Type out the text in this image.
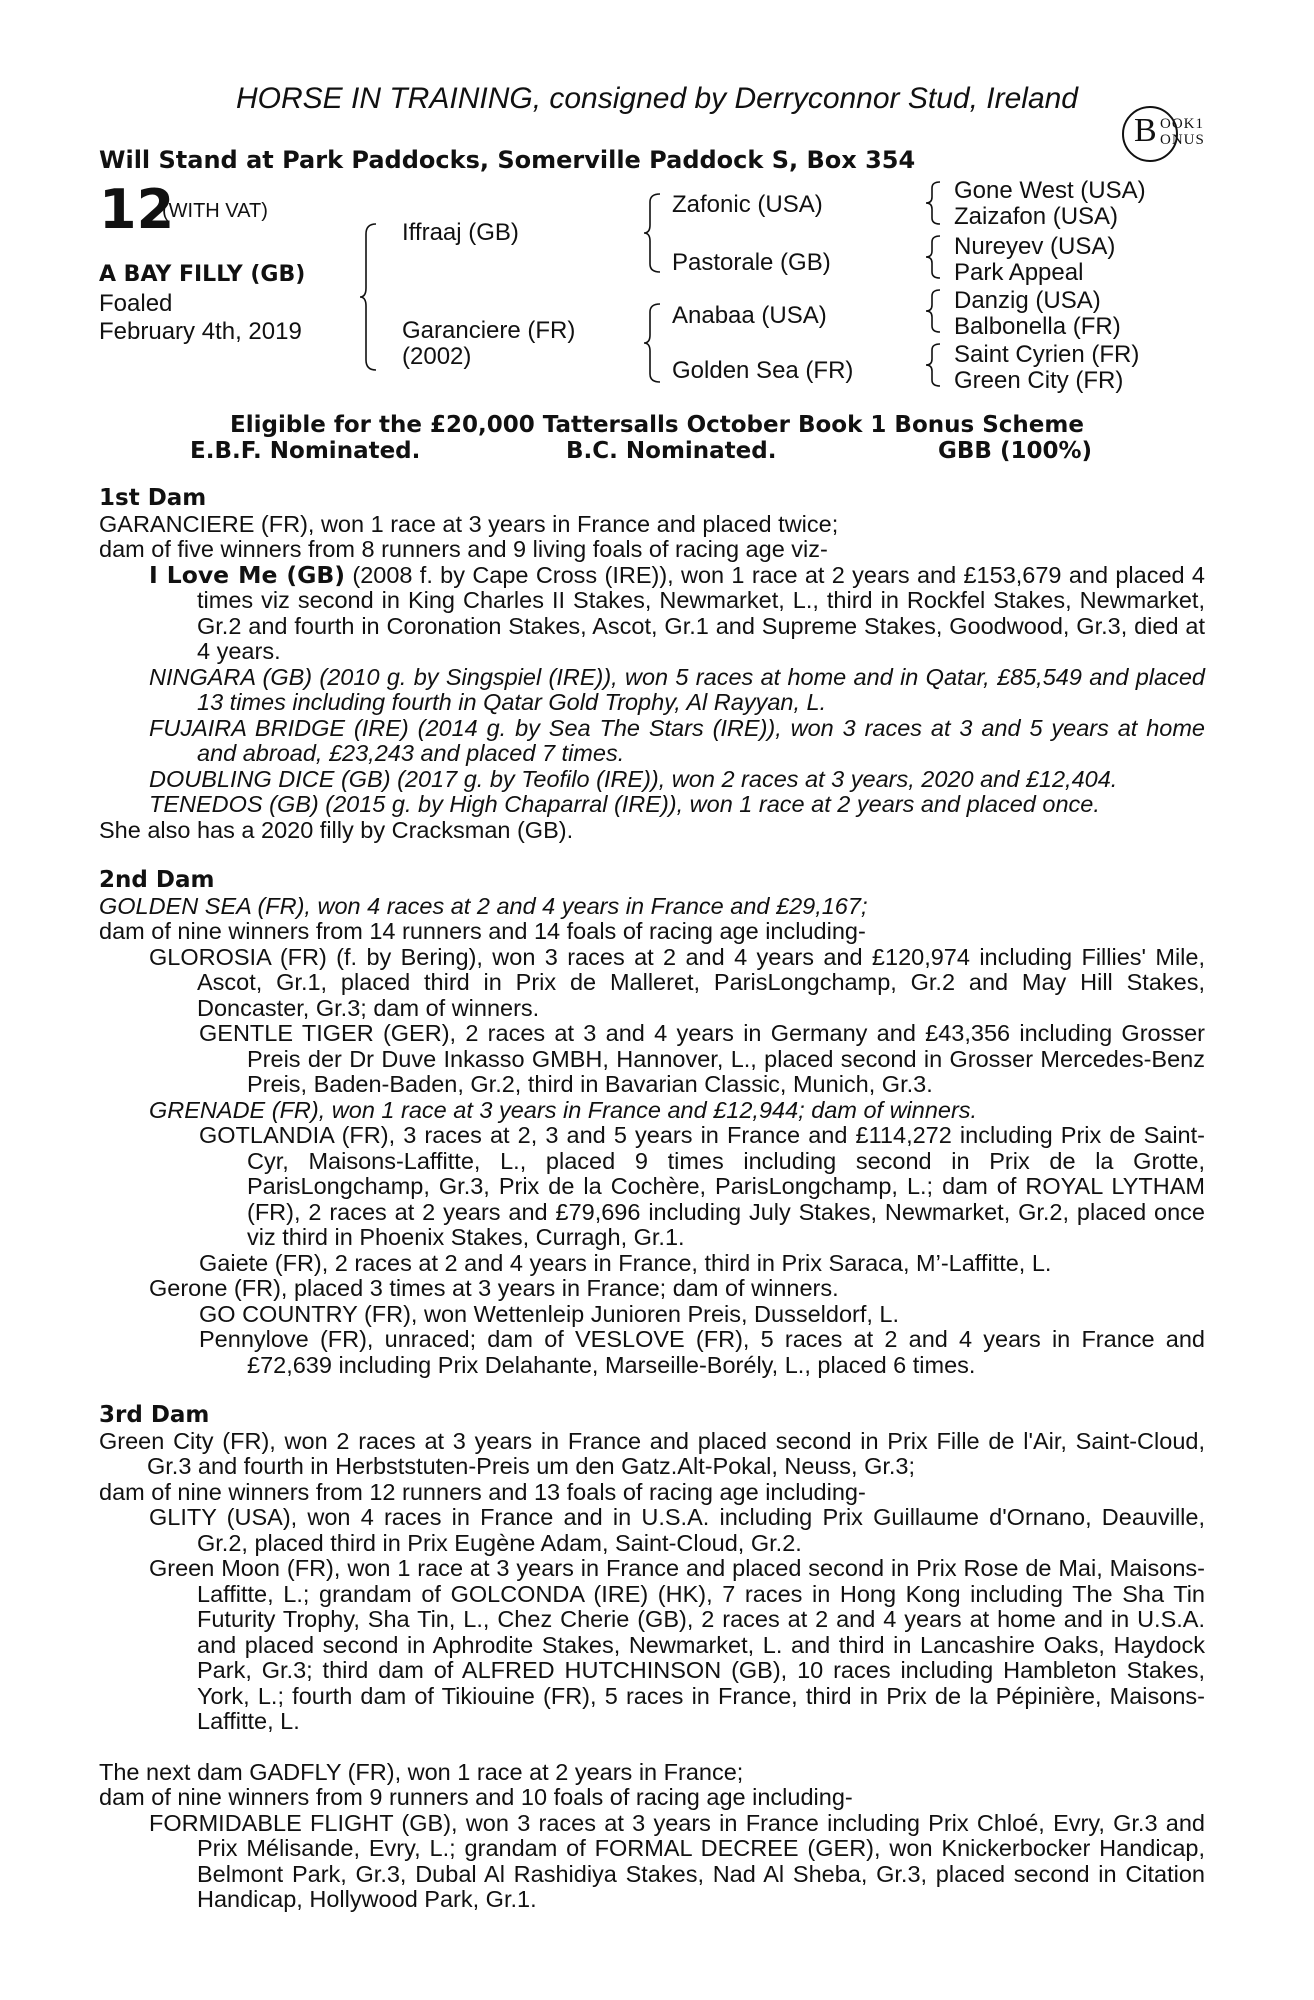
HORSE IN TRAINING, consigned by Derryconnor Stud, Ireland
B OOK1
ONUS
Will Stand at Park Paddocks, Somerville Paddock S, Box 354
12
(WITH VAT)
A BAY FILLY (GB)
Foaled
February 4th, 2019
Iffraaj (GB)
Garanciere (FR)
(2002)
Zafonic (USA)
Pastorale (GB)
Anabaa (USA)
Golden Sea (FR)
Gone West (USA)
Zaizafon (USA)
Nureyev (USA)
Park Appeal
Danzig (USA)
Balbonella (FR)
Saint Cyrien (FR)
Green City (FR)
Eligible for the £20,000 Tattersalls October Book 1 Bonus Scheme
E.B.F. Nominated.	B.C. Nominated.	GBB (100%)

1st Dam

GARANCIERE (FR), won 1 race at 3 years in France and placed twice;

dam of five winners from 8 runners and 9 living foals of racing age viz-

I Love Me (GB) (2008 f. by Cape Cross (IRE)), won 1 race at 2 years and £153,679 and placed 4 times viz second in King Charles II Stakes, Newmarket, L., third in Rockfel Stakes, Newmarket, Gr.2 and fourth in Coronation Stakes, Ascot, Gr.1 and Supreme Stakes, Goodwood, Gr.3, died at 4 years.

NINGARA (GB) (2010 g. by Singspiel (IRE)), won 5 races at home and in Qatar, £85,549 and placed 13 times including fourth in Qatar Gold Trophy, Al Rayyan, L.

FUJAIRA BRIDGE (IRE) (2014 g. by Sea The Stars (IRE)), won 3 races at 3 and 5 years at home and abroad, £23,243 and placed 7 times.

DOUBLING DICE (GB) (2017 g. by Teofilo (IRE)), won 2 races at 3 years, 2020 and £12,404.

TENEDOS (GB) (2015 g. by High Chaparral (IRE)), won 1 race at 2 years and placed once.

She also has a 2020 filly by Cracksman (GB).

2nd Dam

GOLDEN SEA (FR), won 4 races at 2 and 4 years in France and £29,167;

dam of nine winners from 14 runners and 14 foals of racing age including-

GLOROSIA (FR) (f. by Bering), won 3 races at 2 and 4 years and £120,974 including Fillies' Mile, Ascot, Gr.1, placed third in Prix de Malleret, ParisLongchamp, Gr.2 and May Hill Stakes, Doncaster, Gr.3; dam of winners.

GENTLE TIGER (GER), 2 races at 3 and 4 years in Germany and £43,356 including Grosser Preis der Dr Duve Inkasso GMBH, Hannover, L., placed second in Grosser Mercedes-Benz Preis, Baden-Baden, Gr.2, third in Bavarian Classic, Munich, Gr.3.

GRENADE (FR), won 1 race at 3 years in France and £12,944; dam of winners.

GOTLANDIA (FR), 3 races at 2, 3 and 5 years in France and £114,272 including Prix de Saint-Cyr, Maisons-Laffitte, L., placed 9 times including second in Prix de la Grotte, ParisLongchamp, Gr.3, Prix de la Cochère, ParisLongchamp, L.; dam of ROYAL LYTHAM (FR), 2 races at 2 years and £79,696 including July Stakes, Newmarket, Gr.2, placed once viz third in Phoenix Stakes, Curragh, Gr.1.

Gaiete (FR), 2 races at 2 and 4 years in France, third in Prix Saraca, M’-Laffitte, L.

Gerone (FR), placed 3 times at 3 years in France; dam of winners.

GO COUNTRY (FR), won Wettenleip Junioren Preis, Dusseldorf, L.

Pennylove (FR), unraced; dam of VESLOVE (FR), 5 races at 2 and 4 years in France and £72,639 including Prix Delahante, Marseille-Borély, L., placed 6 times.

3rd Dam

Green City (FR), won 2 races at 3 years in France and placed second in Prix Fille de l'Air, Saint-Cloud, Gr.3 and fourth in Herbststuten-Preis um den Gatz.Alt-Pokal, Neuss, Gr.3;

dam of nine winners from 12 runners and 13 foals of racing age including-

GLITY (USA), won 4 races in France and in U.S.A. including Prix Guillaume d'Ornano, Deauville, Gr.2, placed third in Prix Eugène Adam, Saint-Cloud, Gr.2.

Green Moon (FR), won 1 race at 3 years in France and placed second in Prix Rose de Mai, Maisons-Laffitte, L.; grandam of GOLCONDA (IRE) (HK), 7 races in Hong Kong including The Sha Tin Futurity Trophy, Sha Tin, L., Chez Cherie (GB), 2 races at 2 and 4 years at home and in U.S.A. and placed second in Aphrodite Stakes, Newmarket, L. and third in Lancashire Oaks, Haydock Park, Gr.3; third dam of ALFRED HUTCHINSON (GB), 10 races including Hambleton Stakes, York, L.; fourth dam of Tikiouine (FR), 5 races in France, third in Prix de la Pépinière, Maisons-Laffitte, L.

The next dam GADFLY (FR), won 1 race at 2 years in France;

dam of nine winners from 9 runners and 10 foals of racing age including-

FORMIDABLE FLIGHT (GB), won 3 races at 3 years in France including Prix Chloé, Evry, Gr.3 and Prix Mélisande, Evry, L.; grandam of FORMAL DECREE (GER), won Knickerbocker Handicap, Belmont Park, Gr.3, Dubal Al Rashidiya Stakes, Nad Al Sheba, Gr.3, placed second in Citation Handicap, Hollywood Park, Gr.1.
